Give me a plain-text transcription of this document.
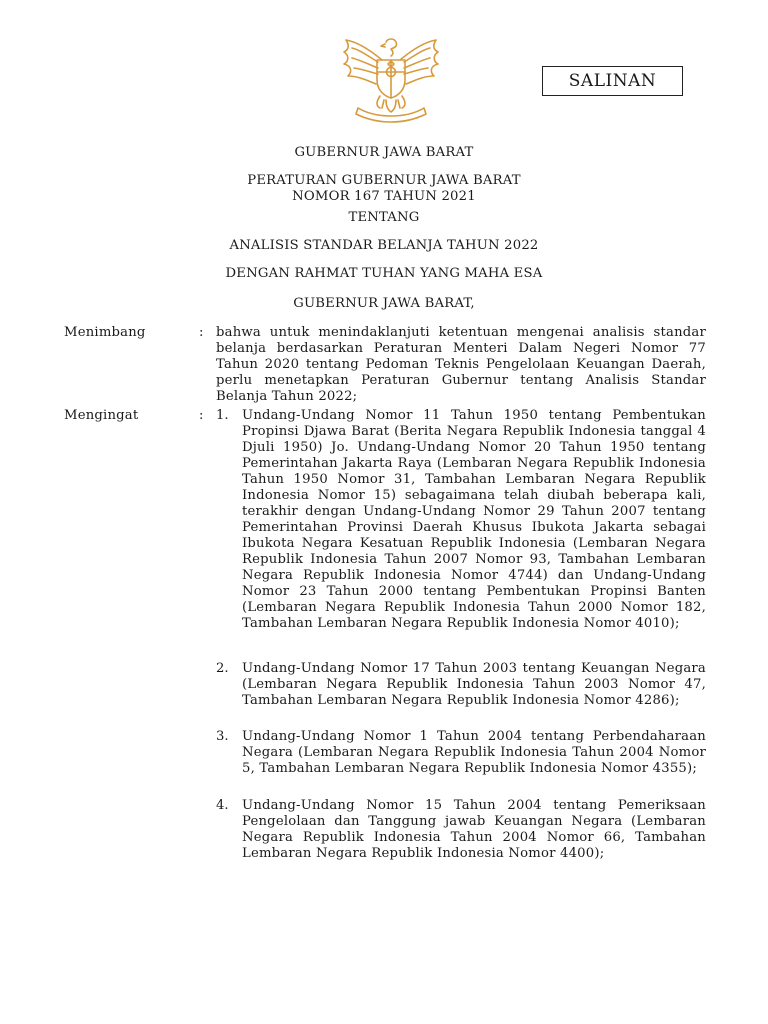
SALINAN
GUBERNUR JAWA BARAT
PERATURAN GUBERNUR JAWA BARAT
NOMOR 167 TAHUN 2021
TENTANG
ANALISIS STANDAR BELANJA TAHUN 2022
DENGAN RAHMAT TUHAN YANG MAHA ESA
GUBERNUR JAWA BARAT,
Menimbang	: bahwa untuk menindaklanjuti ketentuan mengenai analisis standar belanja berdasarkan Peraturan Menteri Dalam Negeri Nomor 77 Tahun 2020 tentang Pedoman Teknis Pengelolaan Keuangan Daerah, perlu menetapkan Peraturan Gubernur tentang Analisis Standar Belanja Tahun 2022;
Mengingat	: 1. Undang-Undang Nomor 11 Tahun 1950 tentang Pembentukan Propinsi Djawa Barat (Berita Negara Republik Indonesia tanggal 4 Djuli 1950) Jo. Undang-Undang Nomor 20 Tahun 1950 tentang Pemerintahan Jakarta Raya (Lembaran Negara Republik Indonesia Tahun 1950 Nomor 31, Tambahan Lembaran Negara Republik Indonesia Nomor 15) sebagaimana telah diubah beberapa kali, terakhir dengan Undang-Undang Nomor 29 Tahun 2007 tentang Pemerintahan Provinsi Daerah Khusus Ibukota Jakarta sebagai Ibukota Negara Kesatuan Republik Indonesia (Lembaran Negara Republik Indonesia Tahun 2007 Nomor 93, Tambahan Lembaran Negara Republik Indonesia Nomor 4744) dan Undang-Undang Nomor 23 Tahun 2000 tentang Pembentukan Propinsi Banten (Lembaran Negara Republik Indonesia Tahun 2000 Nomor 182, Tambahan Lembaran Negara Republik Indonesia Nomor 4010);
2. Undang-Undang Nomor 17 Tahun 2003 tentang Keuangan Negara (Lembaran Negara Republik Indonesia Tahun 2003 Nomor 47, Tambahan Lembaran Negara Republik Indonesia Nomor 4286);
3. Undang-Undang Nomor 1 Tahun 2004 tentang Perbendaharaan Negara (Lembaran Negara Republik Indonesia Tahun 2004 Nomor 5, Tambahan Lembaran Negara Republik Indonesia Nomor 4355);
4. Undang-Undang Nomor 15 Tahun 2004 tentang Pemeriksaan Pengelolaan dan Tanggung jawab Keuangan Negara (Lembaran Negara Republik Indonesia Tahun 2004 Nomor 66, Tambahan Lembaran Negara Republik Indonesia Nomor 4400);
